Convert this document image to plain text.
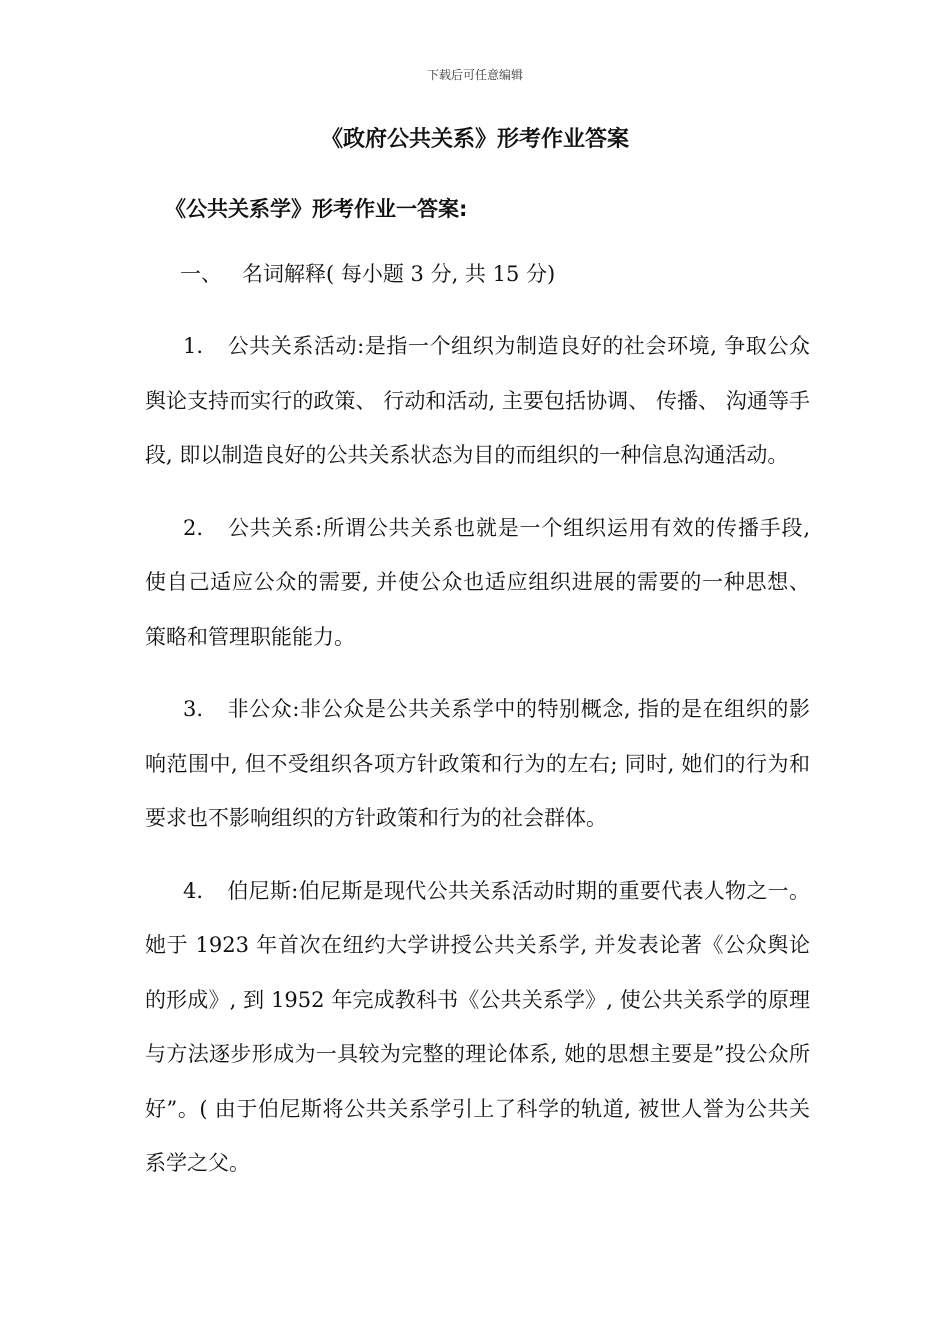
下载后可任意编辑
《政府公共关系》形考作业答案

《公共关系学》形考作业一答案:

一、 名词解释( 每小题 3 分, 共 15 分)

1. 公共关系活动:是指一个组织为制造良好的社会环境, 争取公众舆论支持而实行的政策、 行动和活动, 主要包括协调、 传播、 沟通等手段, 即以制造良好的公共关系状态为目的而组织的一种信息沟通活动。

2. 公共关系:所谓公共关系也就是一个组织运用有效的传播手段, 使自己适应公众的需要, 并使公众也适应组织进展的需要的一种思想、 策略和管理职能能力。

3. 非公众:非公众是公共关系学中的特别概念, 指的是在组织的影响范围中, 但不受组织各项方针政策和行为的左右; 同时, 她们的行为和要求也不影响组织的方针政策和行为的社会群体。

4. 伯尼斯:伯尼斯是现代公共关系活动时期的重要代表人物之一。 她于 1923 年首次在纽约大学讲授公共关系学, 并发表论著《公众舆论的形成》, 到 1952 年完成教科书《公共关系学》, 使公共关系学的原理与方法逐步形成为一具较为完整的理论体系, 她的思想主要是”投公众所好”。( 由于伯尼斯将公共关系学引上了科学的轨道, 被世人誉为公共关系学之父。
